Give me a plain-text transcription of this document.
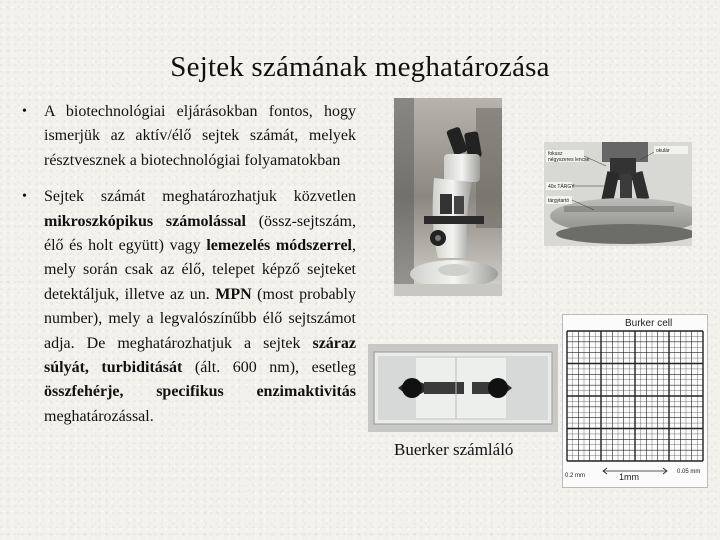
Sejtek számának meghatározása
• A biotechnológiai eljárásokban fontos, hogy ismerjük az aktív/élő sejtek számát, melyek résztvesznek a biotechnológiai folyamatokban
• Sejtek számát meghatározhatjuk közvetlen mikroszkópikus számolással (össz-sejtszám, élő és holt együtt) vagy lemezelés módszerrel, mely során csak az élő, telepet képző sejteket detektáljuk, illetve az un. MPN (most probably number), mely a legvalószínűbb élő sejtszámot adja. De meghatározhatjuk a sejtek száraz súlyát, turbiditását (ált. 600 nm), esetleg összfehérje, specifikus enzimaktivitás meghatározással.
fokusz
négyszeres lencse
40x TÁRGY
tárgytartó
okulár
Burker cell
1mm
0.2 mm
0.05 mm
Buerker számláló
